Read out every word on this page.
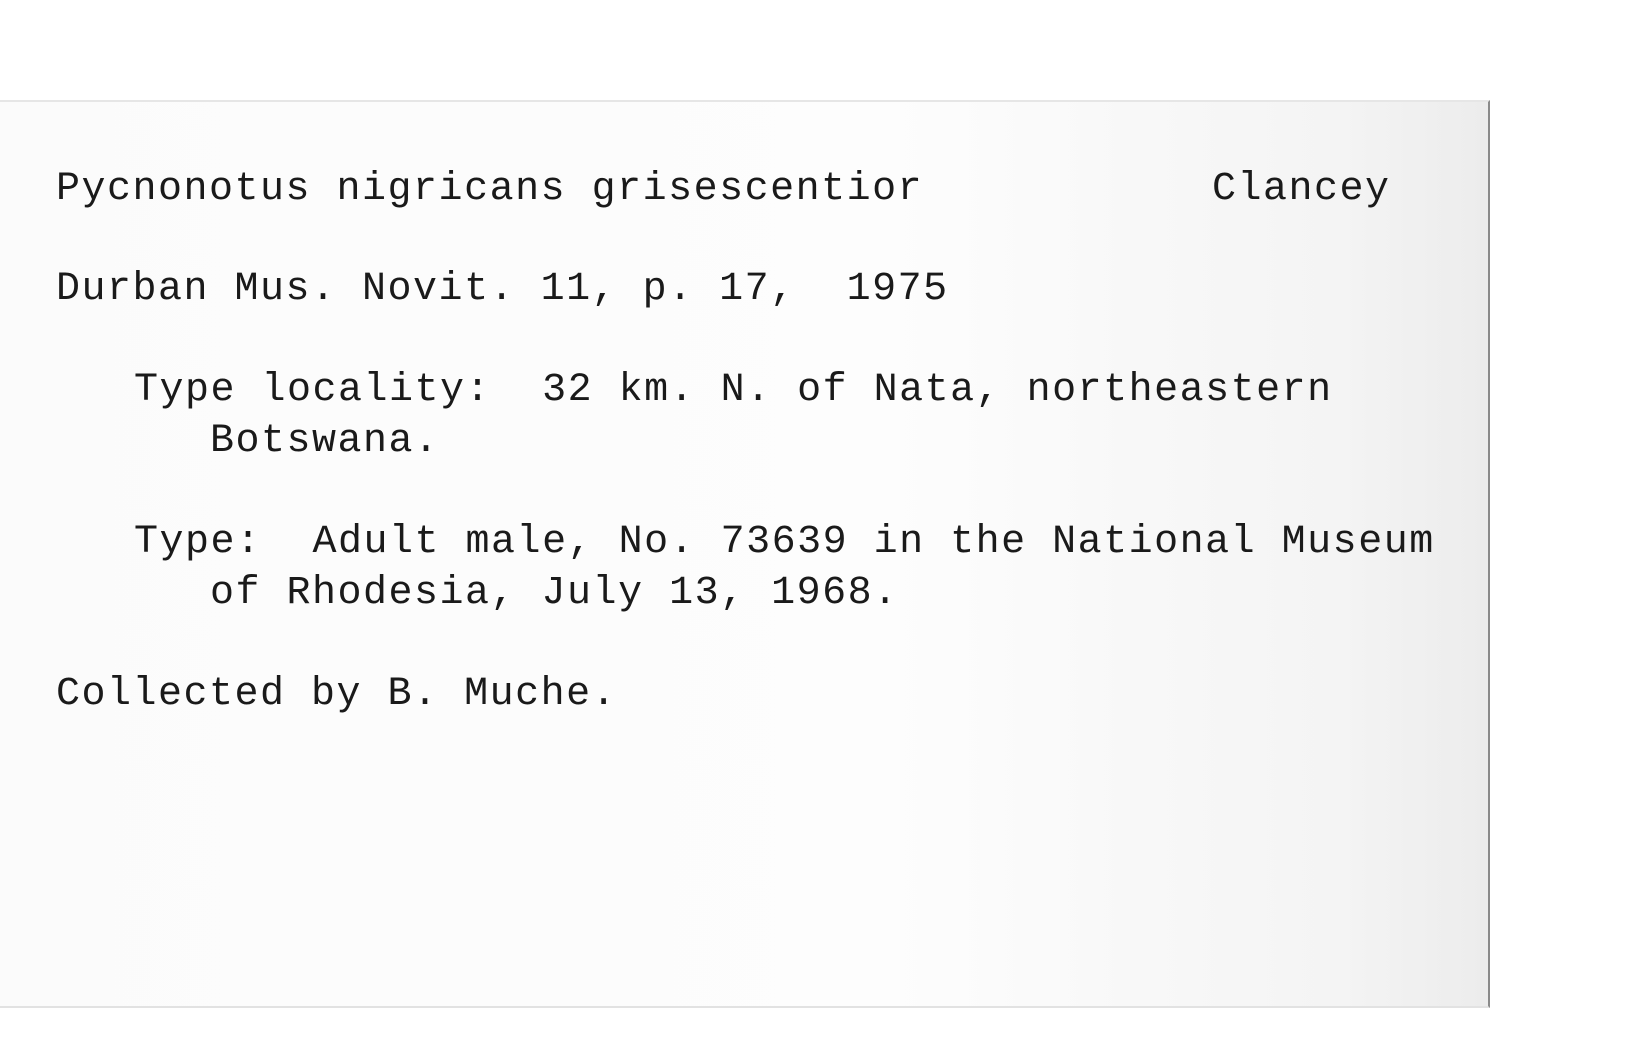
Pycnonotus nigricans grisescentior	Clancey
Durban Mus. Novit. 11, p. 17,  1975
Type locality:  32 km. N. of Nata, northeastern
Botswana.
Type:  Adult male, No. 73639 in the National Museum
of Rhodesia, July 13, 1968.
Collected by B. Muche.
